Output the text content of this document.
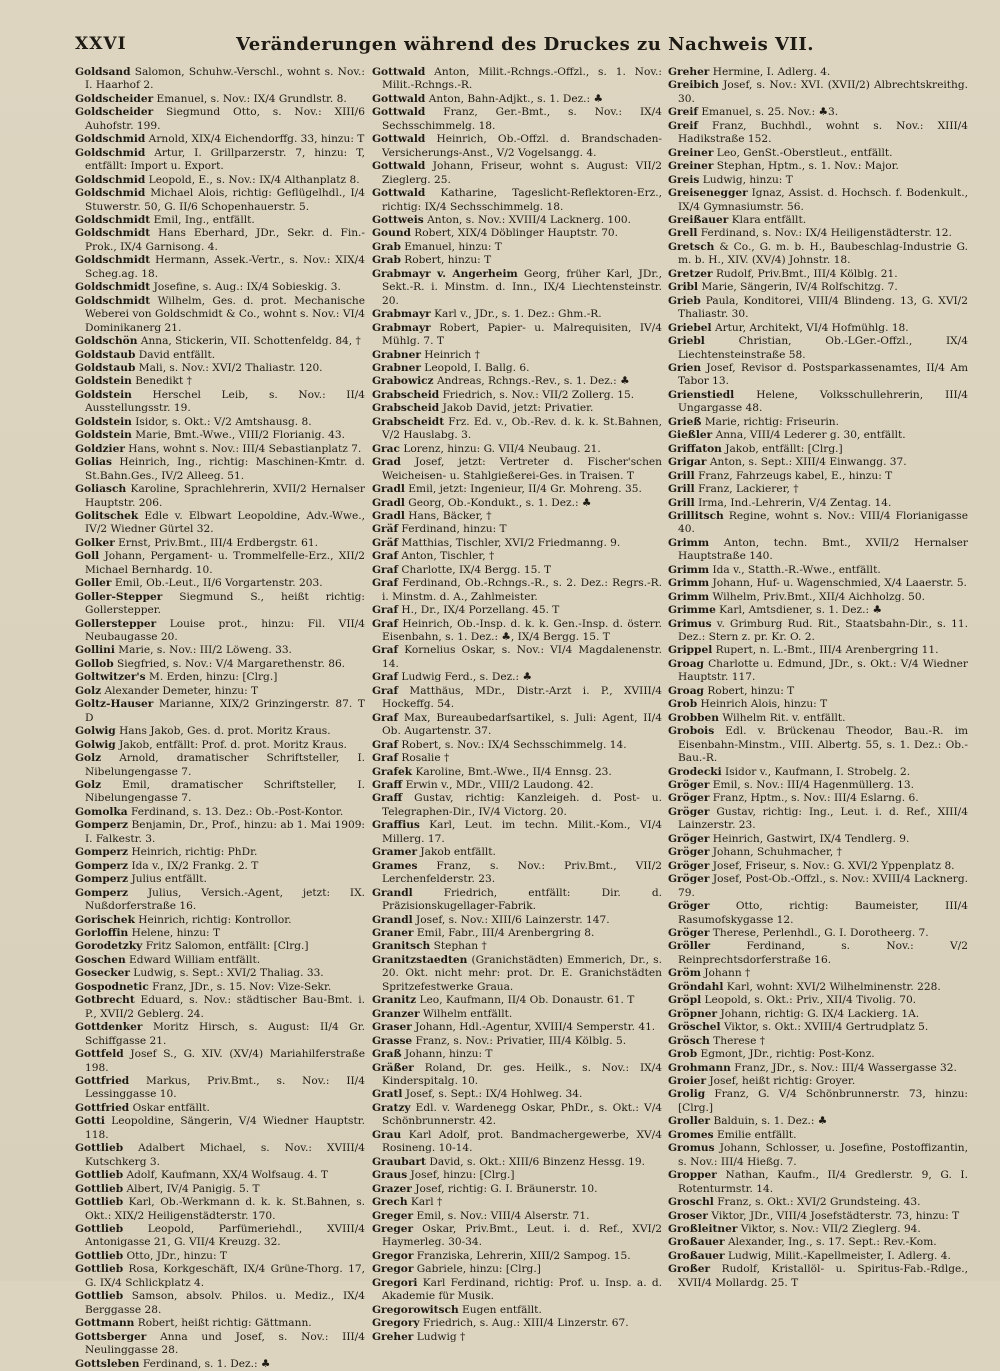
XXVI	Veränderungen während des Druckes zu Nachweis VII.
Goldsand Salomon, Schuhw.-Verschl., wohnt s. Nov.: I. Haarhof 2.
Goldscheider Emanuel, s. Nov.: IX/4 Grundlstr. 8.
Goldscheider Siegmund Otto, s. Nov.: XIII/6 Auhofstr. 199.
Goldschmid Arnold, XIX/4 Eichendorffg. 33, hinzu: T
Goldschmid Artur, I. Grillparzerstr. 7, hinzu: T, entfällt: Import u. Export.
Goldschmid Leopold, E., s. Nov.: IX/4 Althanplatz 8.
Goldschmid Michael Alois, richtig: Geflügelhdl., I/4 Stuwerstr. 50, G. II/6 Schopenhauerstr. 5.
Goldschmidt Emil, Ing., entfällt.
Goldschmidt Hans Eberhard, JDr., Sekr. d. Fin.-Prok., IX/4 Garnisong. 4.
Goldschmidt Hermann, Assek.-Vertr., s. Nov.: XIX/4 Scheg.ag. 18.
Goldschmidt Josefine, s. Aug.: IX/4 Sobieskig. 3.
Goldschmidt Wilhelm, Ges. d. prot. Mechanische Weberei von Goldschmidt & Co., wohnt s. Nov.: VI/4 Dominikanerg 21.
Goldschön Anna, Stickerin, VII. Schottenfeldg. 84, †
Goldstaub David entfällt.
Goldstaub Mali, s. Nov.: XVI/2 Thaliastr. 120.
Goldstein Benedikt †
Goldstein Herschel Leib, s. Nov.: II/4 Ausstellungsstr. 19.
Goldstein Isidor, s. Okt.: V/2 Amtshausg. 8.
Goldstein Marie, Bmt.-Wwe., VIII/2 Florianig. 43.
Goldzier Hans, wohnt s. Nov.: III/4 Sebastianplatz 7.
Golias Heinrich, Ing., richtig: Maschinen-Kmtr. d. St.Bahn.Ges., IV/2 Alleeg. 51.
Goliasch Karoline, Sprachlehrerin, XVII/2 Hernalser Hauptstr. 206.
Golitschek Edle v. Elbwart Leopoldine, Adv.-Wwe., IV/2 Wiedner Gürtel 32.
Golker Ernst, Priv.Bmt., III/4 Erdbergstr. 61.
Goll Johann, Pergament- u. Trommelfelle-Erz., XII/2 Michael Bernhardg. 10.
Goller Emil, Ob.-Leut., II/6 Vorgartenstr. 203.
Goller-Stepper Siegmund S., heißt richtig: Gollerstepper.
Gollerstepper Louise prot., hinzu: Fil. VII/4 Neubaugasse 20.
Gollini Marie, s. Nov.: III/2 Löweng. 33.
Gollob Siegfried, s. Nov.: V/4 Margarethenstr. 86.
Goltwitzer's M. Erden, hinzu: [Clrg.]
Golz Alexander Demeter, hinzu: T
Goltz-Hauser Marianne, XIX/2 Grinzingerstr. 87. T D
Golwig Hans Jakob, Ges. d. prot. Moritz Kraus.
Golwig Jakob, entfällt: Prof. d. prot. Moritz Kraus.
Golz Arnold, dramatischer Schriftsteller, I. Nibelungengasse 7.
Golz Emil, dramatischer Schriftsteller, I. Nibelungengasse 7.
Gomolka Ferdinand, s. 13. Dez.: Ob.-Post-Kontor.
Gomperz Benjamin, Dr., Prof., hinzu: ab 1. Mai 1909: I. Falkestr. 3.
Gomperz Heinrich, richtig: PhDr.
Gomperz Ida v., IX/2 Frankg. 2. T
Gomperz Julius entfällt.
Gomperz Julius, Versich.-Agent, jetzt: IX. Nußdorferstraße 16.
Gorischek Heinrich, richtig: Kontrollor.
Gorloffin Helene, hinzu: T
Gorodetzky Fritz Salomon, entfällt: [Clrg.]
Goschen Edward William entfällt.
Gosecker Ludwig, s. Sept.: XVI/2 Thaliag. 33.
Gospodnetic Franz, JDr., s. 15. Nov: Vize-Sekr.
Gotbrecht Eduard, s. Nov.: städtischer Bau-Bmt. i. P., XVII/2 Geblerg. 24.
Gottdenker Moritz Hirsch, s. August: II/4 Gr. Schiffgasse 21.
Gottfeld Josef S., G. XIV. (XV/4) Mariahilferstraße 198.
Gottfried Markus, Priv.Bmt., s. Nov.: II/4 Lessinggasse 10.
Gottfried Oskar entfällt.
Gotti Leopoldine, Sängerin, V/4 Wiedner Hauptstr. 118.
Gottlieb Adalbert Michael, s. Nov.: XVIII/4 Kutschkerg 3.
Gottlieb Adolf, Kaufmann, XX/4 Wolfsaug. 4. T
Gottlieb Albert, IV/4 Panigig. 5. T
Gottlieb Karl, Ob.-Werkmann d. k. k. St.Bahnen, s. Okt.: XIX/2 Heiligenstädterstr. 170.
Gottlieb Leopold, Parfümeriehdl., XVIII/4 Antonigasse 21, G. VII/4 Kreuzg. 32.
Gottlieb Otto, JDr., hinzu: T
Gottlieb Rosa, Korkgeschäft, IX/4 Grüne-Thorg. 17, G. IX/4 Schlickplatz 4.
Gottlieb Samson, absolv. Philos. u. Mediz., IX/4 Berggasse 28.
Gottmann Robert, heißt richtig: Gättmann.
Gottsberger Anna und Josef, s. Nov.: III/4 Neulinggasse 28.
Gottsleben Ferdinand, s. 1. Dez.: ♣
Gottwald Anton, Milit.-Rchngs.-Offzl., s. 1. Nov.: Milit.-Rchngs.-R.
Gottwald Anton, Bahn-Adjkt., s. 1. Dez.: ♣
Gottwald Franz, Ger.-Bmt., s. Nov.: IX/4 Sechsschimmelg. 18.
Gottwald Heinrich, Ob.-Offzl. d. Brandschaden-Versicherungs-Anst., V/2 Vogelsangg. 4.
Gottwald Johann, Friseur, wohnt s. August: VII/2 Zieglerg. 25.
Gottwald Katharine, Tageslicht-Reflektoren-Erz., richtig: IX/4 Sechsschimmelg. 18.
Gottweis Anton, s. Nov.: XVIII/4 Lacknerg. 100.
Gound Robert, XIX/4 Döblinger Hauptstr. 70.
Grab Emanuel, hinzu: T
Grab Robert, hinzu: T
Grabmayr v. Angerheim Georg, früher Karl, JDr., Sekt.-R. i. Minstm. d. Inn., IX/4 Liechtensteinstr. 20.
Grabmayr Karl v., JDr., s. 1. Dez.: Ghm.-R.
Grabmayr Robert, Papier- u. Malrequisiten, IV/4 Mühlg. 7. T
Grabner Heinrich †
Grabner Leopold, I. Ballg. 6.
Grabowicz Andreas, Rchngs.-Rev., s. 1. Dez.: ♣
Grabscheid Friedrich, s. Nov.: VII/2 Zollerg. 15.
Grabscheid Jakob David, jetzt: Privatier.
Grabscheidt Frz. Ed. v., Ob.-Rev. d. k. k. St.Bahnen, V/2 Hauslabg. 3.
Grac Lorenz, hinzu: G. VII/4 Neubaug. 21.
Grad Josef, jetzt: Vertreter d. Fischer'schen Weicheisen- u. Stahlgießerei-Ges. in Traisen. T
Gradl Emil, jetzt: Ingenieur, II/4 Gr. Mohreng. 35.
Gradl Georg, Ob.-Kondukt., s. 1. Dez.: ♣
Gradl Hans, Bäcker, †
Gräf Ferdinand, hinzu: T
Gräf Matthias, Tischler, XVI/2 Friedmanng. 9.
Graf Anton, Tischler, †
Graf Charlotte, IX/4 Bergg. 15. T
Graf Ferdinand, Ob.-Rchngs.-R., s. 2. Dez.: Regrs.-R. i. Minstm. d. A., Zahlmeister.
Graf H., Dr., IX/4 Porzellang. 45. T
Graf Heinrich, Ob.-Insp. d. k. k. Gen.-Insp. d. österr. Eisenbahn, s. 1. Dez.: ♣, IX/4 Bergg. 15. T
Graf Kornelius Oskar, s. Nov.: VI/4 Magdalenenstr. 14.
Graf Ludwig Ferd., s. Dez.: ♣
Graf Matthäus, MDr., Distr.-Arzt i. P., XVIII/4 Hockeffg. 54.
Graf Max, Bureaubedarfsartikel, s. Juli: Agent, II/4 Ob. Augartenstr. 37.
Graf Robert, s. Nov.: IX/4 Sechsschimmelg. 14.
Graf Rosalie †
Grafek Karoline, Bmt.-Wwe., II/4 Ennsg. 23.
Graff Erwin v., MDr., VIII/2 Laudong. 42.
Graff Gustav, richtig: Kanzleigeh. d. Post- u. Telegraphen-Dir., IV/4 Victorg. 20.
Graffius Karl, Leut. im techn. Milit.-Kom., VI/4 Millerg. 17.
Gramer Jakob entfällt.
Grames Franz, s. Nov.: Priv.Bmt., VII/2 Lerchenfelderstr. 23.
Grandl Friedrich, entfällt: Dir. d. Präzisionskugellager-Fabrik.
Grandl Josef, s. Nov.: XIII/6 Lainzerstr. 147.
Graner Emil, Fabr., III/4 Arenbergring 8.
Granitsch Stephan †
Granitzstaedten (Granichstädten) Emmerich, Dr., s. 20. Okt. nicht mehr: prot. Dr. E. Granichstädten Spritzefestwerke Graua.
Granitz Leo, Kaufmann, II/4 Ob. Donaustr. 61. T
Granzer Wilhelm entfällt.
Graser Johann, Hdl.-Agentur, XVIII/4 Semperstr. 41.
Grasse Franz, s. Nov.: Privatier, III/4 Kölblg. 5.
Graß Johann, hinzu: T
Gräßer Roland, Dr. ges. Heilk., s. Nov.: IX/4 Kinderspitalg. 10.
Gratl Josef, s. Sept.: IX/4 Hohlweg. 34.
Gratzy Edl. v. Wardenegg Oskar, PhDr., s. Okt.: V/4 Schönbrunnerstr. 42.
Grau Karl Adolf, prot. Bandmachergewerbe, XV/4 Rosineng. 10-14.
Graubart David, s. Okt.: XIII/6 Binzenz Hessg. 19.
Graus Josef, hinzu: [Clrg.]
Grazer Josef, richtig: G. I. Bräunerstr. 10.
Grech Karl †
Greger Emil, s. Nov.: VIII/4 Alserstr. 71.
Greger Oskar, Priv.Bmt., Leut. i. d. Ref., XVI/2 Haymerleg. 30-34.
Gregor Franziska, Lehrerin, XIII/2 Sampog. 15.
Gregor Gabriele, hinzu: [Clrg.]
Gregori Karl Ferdinand, richtig: Prof. u. Insp. a. d. Akademie für Musik.
Gregorowitsch Eugen entfällt.
Gregory Friedrich, s. Aug.: XIII/4 Linzerstr. 67.
Greher Ludwig †
Greher Hermine, I. Adlerg. 4.
Greibich Josef, s. Nov.: XVI. (XVII/2) Albrechtskreithg. 30.
Greif Emanuel, s. 25. Nov.: ♣3.
Greif Franz, Buchhdl., wohnt s. Nov.: XIII/4 Hadikstraße 152.
Greiner Leo, GenSt.-Oberstleut., entfällt.
Greiner Stephan, Hptm., s. 1. Nov.: Major.
Greis Ludwig, hinzu: T
Greisenegger Ignaz, Assist. d. Hochsch. f. Bodenkult., IX/4 Gymnasiumstr. 56.
Greißauer Klara entfällt.
Grell Ferdinand, s. Nov.: IX/4 Heiligenstädterstr. 12.
Gretsch & Co., G. m. b. H., Baubeschlag-Industrie G. m. b. H., XIV. (XV/4) Johnstr. 18.
Gretzer Rudolf, Priv.Bmt., III/4 Kölblg. 21.
Gribl Marie, Sängerin, IV/4 Rolfschitzg. 7.
Grieb Paula, Konditorei, VIII/4 Blindeng. 13, G. XVI/2 Thaliastr. 30.
Griebel Artur, Architekt, VI/4 Hofmühlg. 18.
Griebl Christian, Ob.-LGer.-Offzl., IX/4 Liechtensteinstraße 58.
Grien Josef, Revisor d. Postsparkassenamtes, II/4 Am Tabor 13.
Grienstiedl Helene, Volksschullehrerin, III/4 Ungargasse 48.
Grieß Marie, richtig: Friseurin.
Gießler Anna, VIII/4 Lederer g. 30, entfällt.
Griffaton Jakob, entfällt: [Clrg.]
Grigar Anton, s. Sept.: XIII/4 Einwangg. 37.
Grill Franz, Fahrzeugs kabel, E., hinzu: T
Grill Franz, Lackierer, †
Grill Irma, Ind.-Lehrerin, V/4 Zentag. 14.
Grillitsch Regine, wohnt s. Nov.: VIII/4 Florianigasse 40.
Grimm Anton, techn. Bmt., XVII/2 Hernalser Hauptstraße 140.
Grimm Ida v., Statth.-R.-Wwe., entfällt.
Grimm Johann, Huf- u. Wagenschmied, X/4 Laaerstr. 5.
Grimm Wilhelm, Priv.Bmt., XII/4 Aichholzg. 50.
Grimme Karl, Amtsdiener, s. 1. Dez.: ♣
Grimus v. Grimburg Rud. Rit., Staatsbahn-Dir., s. 11. Dez.: Stern z. pr. Kr. O. 2.
Grippel Rupert, n. L.-Bmt., III/4 Arenbergring 11.
Groag Charlotte u. Edmund, JDr., s. Okt.: V/4 Wiedner Hauptstr. 117.
Groag Robert, hinzu: T
Grob Heinrich Alois, hinzu: T
Grobben Wilhelm Rit. v. entfällt.
Grobois Edl. v. Brückenau Theodor, Bau.-R. im Eisenbahn-Minstm., VIII. Albertg. 55, s. 1. Dez.: Ob.-Bau.-R.
Grodecki Isidor v., Kaufmann, I. Strobelg. 2.
Gröger Emil, s. Nov.: III/4 Hagenmüllerg. 13.
Gröger Franz, Hptm., s. Nov.: III/4 Eslarng. 6.
Gröger Gustav, richtig: Ing., Leut. i. d. Ref., XIII/4 Lainzerstr. 23.
Gröger Heinrich, Gastwirt, IX/4 Tendlerg. 9.
Gröger Johann, Schuhmacher, †
Gröger Josef, Friseur, s. Nov.: G. XVI/2 Yppenplatz 8.
Gröger Josef, Post-Ob.-Offzl., s. Nov.: XVIII/4 Lacknerg. 79.
Gröger Otto, richtig: Baumeister, III/4 Rasumofskygasse 12.
Gröger Therese, Perlenhdl., G. I. Dorotheerg. 7.
Gröller Ferdinand, s. Nov.: V/2 Reinprechtsdorferstraße 16.
Gröm Johann †
Gröndahl Karl, wohnt: XVI/2 Wilhelminenstr. 228.
Gröpl Leopold, s. Okt.: Priv., XII/4 Tivolig. 70.
Gröpner Johann, richtig: G. IX/4 Lackierg. 1A.
Gröschel Viktor, s. Okt.: XVIII/4 Gertrudplatz 5.
Grösch Therese †
Grob Egmont, JDr., richtig: Post-Konz.
Grohmann Franz, JDr., s. Nov.: III/4 Wassergasse 32.
Groier Josef, heißt richtig: Groyer.
Grolig Franz, G. V/4 Schönbrunnerstr. 73, hinzu: [Clrg.]
Groller Balduin, s. 1. Dez.: ♣
Gromes Emilie entfällt.
Gromus Johann, Schlosser, u. Josefine, Postoffizantin, s. Nov.: III/4 Hießg. 7.
Gropper Nathan, Kaufm., II/4 Gredlerstr. 9, G. I. Rotenturmstr. 14.
Groschl Franz, s. Okt.: XVI/2 Grundsteing. 43.
Groser Viktor, JDr., VIII/4 Josefstädterstr. 73, hinzu: T
Großleitner Viktor, s. Nov.: VII/2 Zieglerg. 94.
Großauer Alexander, Ing., s. 17. Sept.: Rev.-Kom.
Großauer Ludwig, Milit.-Kapellmeister, I. Adlerg. 4.
Großer Rudolf, Kristallöl- u. Spiritus-Fab.-Rdlge., XVII/4 Mollardg. 25. T
